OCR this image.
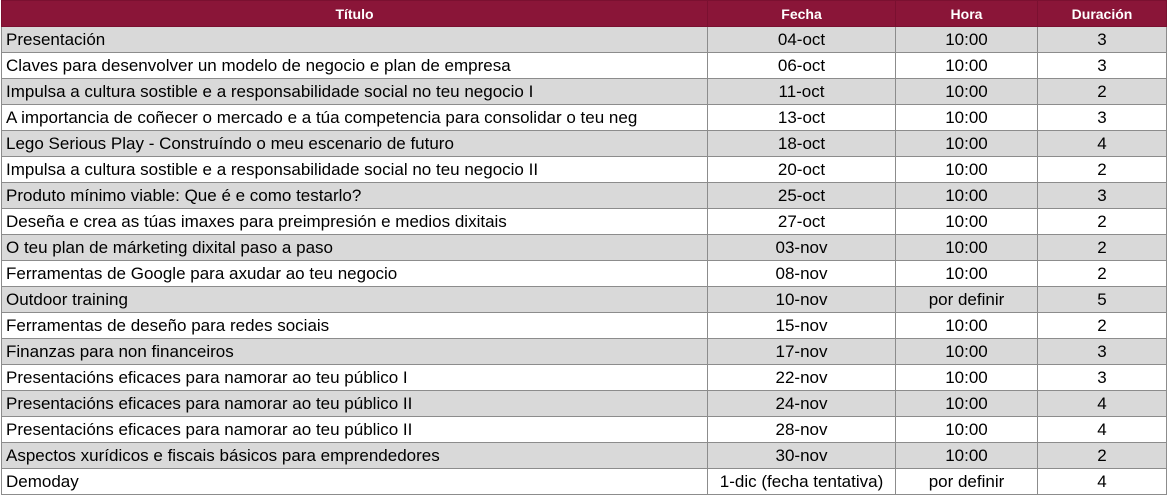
Título	Fecha	Hora	Duración
Presentación	04-oct	10:00	3
Claves para desenvolver un modelo de negocio e plan de empresa	06-oct	10:00	3
Impulsa a cultura sostible e a responsabilidade social no teu negocio I	11-oct	10:00	2
A importancia de coñecer o mercado e a túa competencia para consolidar o teu neg	13-oct	10:00	3
Lego Serious Play - Construíndo o meu escenario de futuro	18-oct	10:00	4
Impulsa a cultura sostible e a responsabilidade social no teu negocio II	20-oct	10:00	2
Produto mínimo viable: Que é e como testarlo?	25-oct	10:00	3
Deseña e crea as túas imaxes para preimpresión e medios dixitais	27-oct	10:00	2
O teu plan de márketing dixital paso a paso	03-nov	10:00	2
Ferramentas de Google para axudar ao teu negocio	08-nov	10:00	2
Outdoor training	10-nov	por definir	5
Ferramentas de deseño para redes sociais	15-nov	10:00	2
Finanzas para non financeiros	17-nov	10:00	3
Presentacións eficaces para namorar ao teu público I	22-nov	10:00	3
Presentacións eficaces para namorar ao teu público II	24-nov	10:00	4
Presentacións eficaces para namorar ao teu público II	28-nov	10:00	4
Aspectos xurídicos e fiscais básicos para emprendedores	30-nov	10:00	2
Demoday	1-dic (fecha tentativa)	por definir	4
